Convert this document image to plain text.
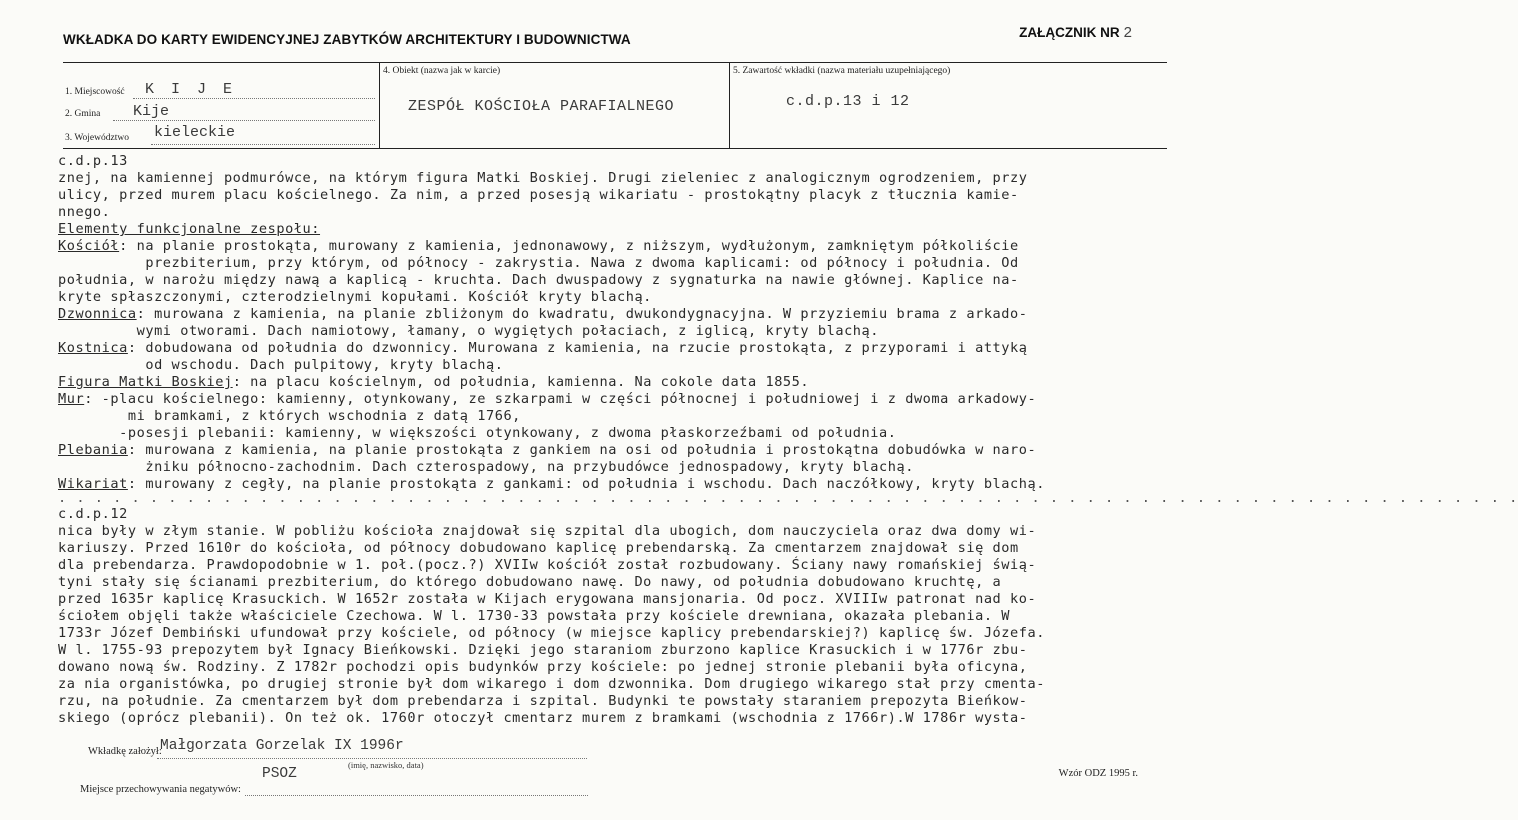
WKŁADKA DO KARTY EWIDENCYJNEJ ZABYTKÓW ARCHITEKTURY I BUDOWNICTWA	ZAŁĄCZNIK NR 2
1. Miejscowość K I J E
2. Gmina Kije
3. Województwo kieleckie
4. Obiekt (nazwa jak w karcie)
ZESPÓŁ KOŚCIOŁA PARAFIALNEGO
5. Zawartość wkładki (nazwa materiału uzupełniającego)
c.d.p.13 i 12
c.d.p.13
znej, na kamiennej podmurówce, na którym figura Matki Boskiej. Drugi zieleniec z analogicznym ogrodzeniem, przy
ulicy, przed murem placu kościelnego. Za nim, a przed posesją wikariatu - prostokątny placyk z tłucznia kamie-
nnego.
Elementy funkcjonalne zespołu:
Kościół: na planie prostokąta, murowany z kamienia, jednonawowy, z niższym, wydłużonym, zamkniętym półkoliście
prezbiterium, przy którym, od północy - zakrystia. Nawa z dwoma kaplicami: od północy i południa. Od
południa, w narożu między nawą a kaplicą - kruchta. Dach dwuspadowy z sygnaturka na nawie głównej. Kaplice na-
kryte spłaszczonymi, czterodzielnymi kopułami. Kościół kryty blachą.
Dzwonnica: murowana z kamienia, na planie zbliżonym do kwadratu, dwukondygnacyjna. W przyziemiu brama z arkado-
wymi otworami. Dach namiotowy, łamany, o wygiętych połaciach, z iglicą, kryty blachą.
Kostnica: dobudowana od południa do dzwonnicy. Murowana z kamienia, na rzucie prostokąta, z przyporami i attyką
od wschodu. Dach pulpitowy, kryty blachą.
Figura Matki Boskiej: na placu kościelnym, od południa, kamienna. Na cokole data 1855.
Mur: -placu kościelnego: kamienny, otynkowany, ze szkarpami w części północnej i południowej i z dwoma arkadowy-
mi bramkami, z których wschodnia z datą 1766,
-posesji plebanii: kamienny, w większości otynkowany, z dwoma płaskorzeźbami od południa.
Plebania: murowana z kamienia, na planie prostokąta z gankiem na osi od południa i prostokątna dobudówka w naro-
żniku północno-zachodnim. Dach czterospadowy, na przybudówce jednospadowy, kryty blachą.
Wikariat: murowany z cegły, na planie prostokąta z gankami: od południa i wschodu. Dach naczółkowy, kryty blachą.
. . . . . . . . . . . . . . . . . . . . . . . . . . . . . . . . . . . . . . . . . . . . . . . . . . . . . . . . . . . . . . . . . . . . . . . . . . . . . . . .
c.d.p.12
nica były w złym stanie. W pobliżu kościoła znajdował się szpital dla ubogich, dom nauczyciela oraz dwa domy wi-
kariuszy. Przed 1610r do kościoła, od północy dobudowano kaplicę prebendarską. Za cmentarzem znajdował się dom
dla prebendarza. Prawdopodobnie w 1. poł.(pocz.?) XVIIw kościół został rozbudowany. Ściany nawy romańskiej świą-
tyni stały się ścianami prezbiterium, do którego dobudowano nawę. Do nawy, od południa dobudowano kruchtę, a
przed 1635r kaplicę Krasuckich. W 1652r została w Kijach erygowana mansjonaria. Od pocz. XVIIIw patronat nad ko-
ściołem objęli także właściciele Czechowa. W l. 1730-33 powstała przy kościele drewniana, okazała plebania. W
1733r Józef Dembiński ufundował przy kościele, od północy (w miejsce kaplicy prebendarskiej?) kaplicę św. Józefa.
W l. 1755-93 prepozytem był Ignacy Bieńkowski. Dzięki jego staraniom zburzono kaplice Krasuckich i w 1776r zbu-
dowano nową św. Rodziny. Z 1782r pochodzi opis budynków przy kościele: po jednej stronie plebanii była oficyna,
za nia organistówka, po drugiej stronie był dom wikarego i dom dzwonnika. Dom drugiego wikarego stał przy cmenta-
rzu, na południe. Za cmentarzem był dom prebendarza i szpital. Budynki te powstały staraniem prepozyta Bieńkow-
skiego (oprócz plebanii). On też ok. 1760r otoczył cmentarz murem z bramkami (wschodnia z 1766r).W 1786r wysta-
Wkładkę założył:
Małgorzata Gorzelak IX 1996r
(imię, nazwisko, data)
PSOZ
Miejsce przechowywania negatywów:
Wzór ODZ 1995 r.
